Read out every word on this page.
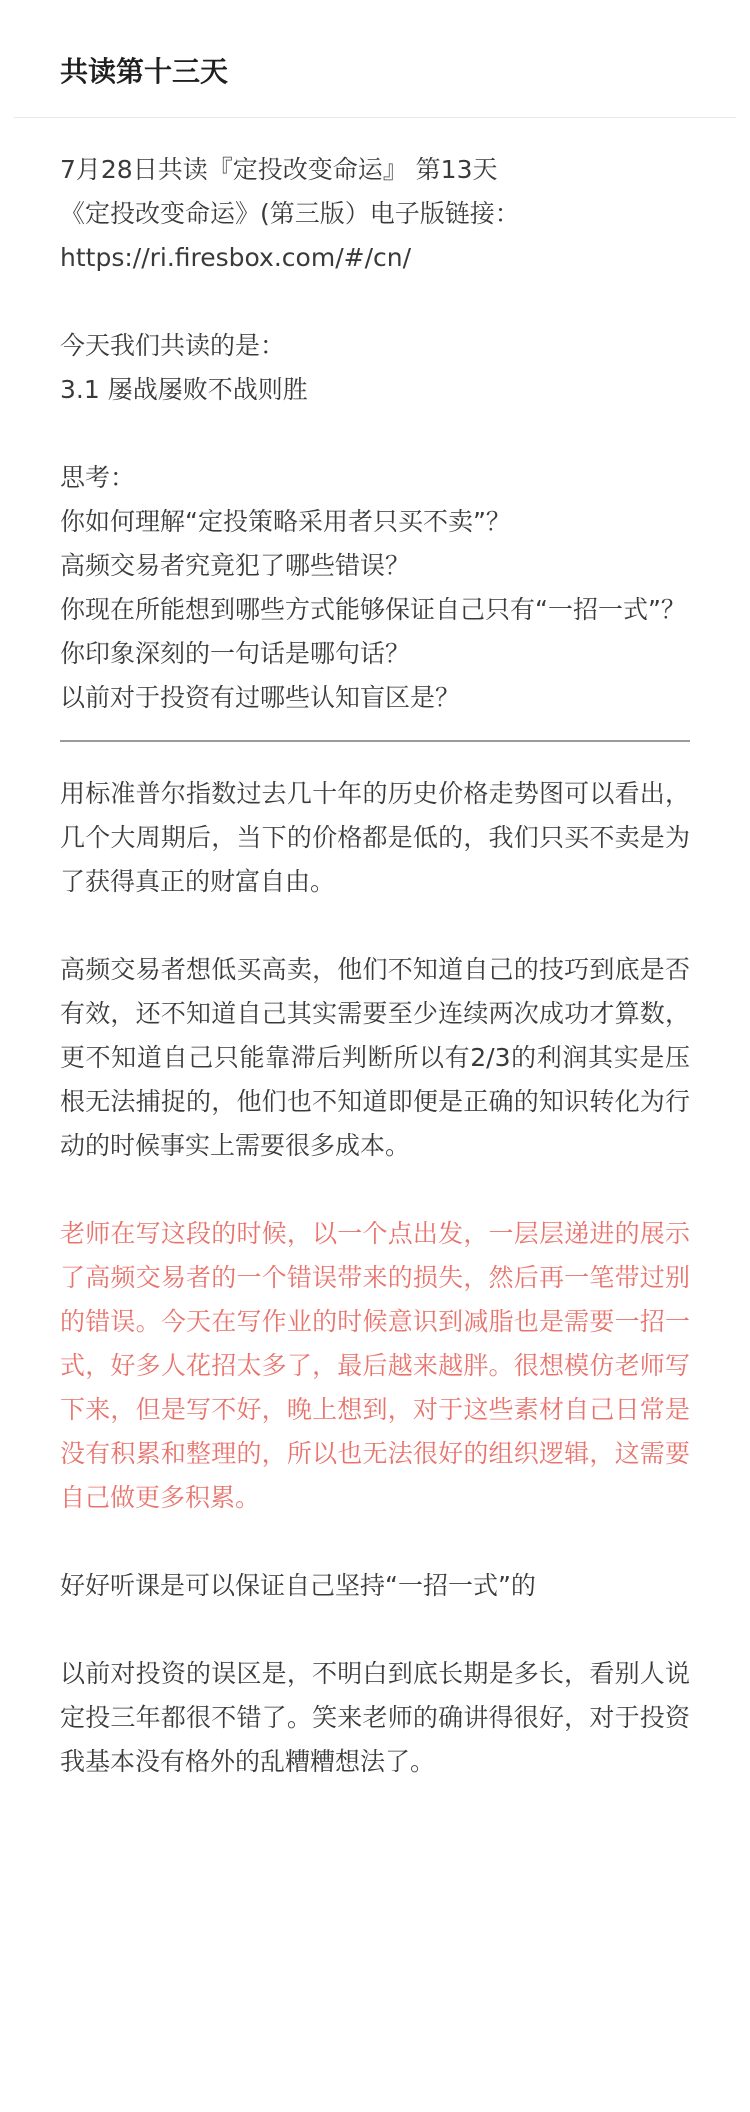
共读第十三天

7月28日共读『定投改变命运』 第13天

《定投改变命运》(第三版）电子版链接：

https://ri.firesbox.com/#/cn/

今天我们共读的是：

3.1 屡战屡败不战则胜

思考：

你如何理解“定投策略采用者只买不卖”？

高频交易者究竟犯了哪些错误？

你现在所能想到哪些方式能够保证自己只有“一招一式”？

你印象深刻的一句话是哪句话？

以前对于投资有过哪些认知盲区是？

用标准普尔指数过去几十年的历史价格走势图可以看出，几个大周期后，当下的价格都是低的，我们只买不卖是为了获得真正的财富自由。

高频交易者想低买高卖，他们不知道自己的技巧到底是否有效，还不知道自己其实需要至少连续两次成功才算数，更不知道自己只能靠滞后判断所以有2/3的利润其实是压根无法捕捉的，他们也不知道即便是正确的知识转化为行动的时候事实上需要很多成本。

老师在写这段的时候，以一个点出发，一层层递进的展示了高频交易者的一个错误带来的损失，然后再一笔带过别的错误。今天在写作业的时候意识到减脂也是需要一招一式，好多人花招太多了，最后越来越胖。很想模仿老师写下来，但是写不好，晚上想到，对于这些素材自己日常是没有积累和整理的，所以也无法很好的组织逻辑，这需要自己做更多积累。

好好听课是可以保证自己坚持“一招一式”的

以前对投资的误区是，不明白到底长期是多长，看别人说定投三年都很不错了。笑来老师的确讲得很好，对于投资我基本没有格外的乱糟糟想法了。
